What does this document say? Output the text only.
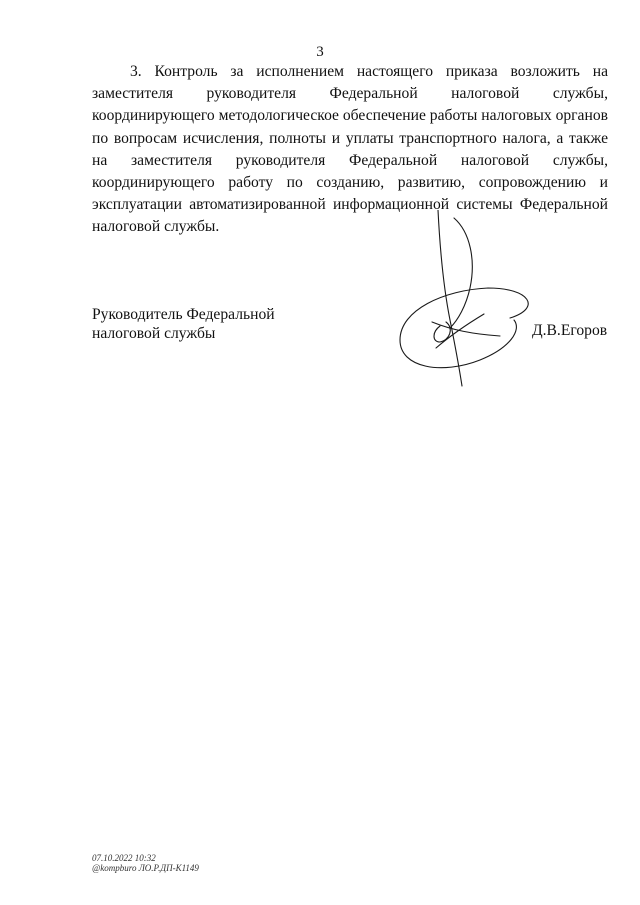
3

3. Контроль за исполнением настоящего приказа возложить на заместителя руководителя Федеральной налоговой службы, координирующего методологическое обеспечение работы налоговых органов по вопросам исчисления, полноты и уплаты транспортного налога, а также на заместителя руководителя Федеральной налоговой службы, координирующего работу по созданию, развитию, сопровождению и эксплуатации автоматизированной информационной системы Федеральной налоговой службы.

Руководитель Федеральной
налоговой службы	Д.В.Егоров
07.10.2022 10:32
@kompburo ЛО.Р.ДП-К1149
